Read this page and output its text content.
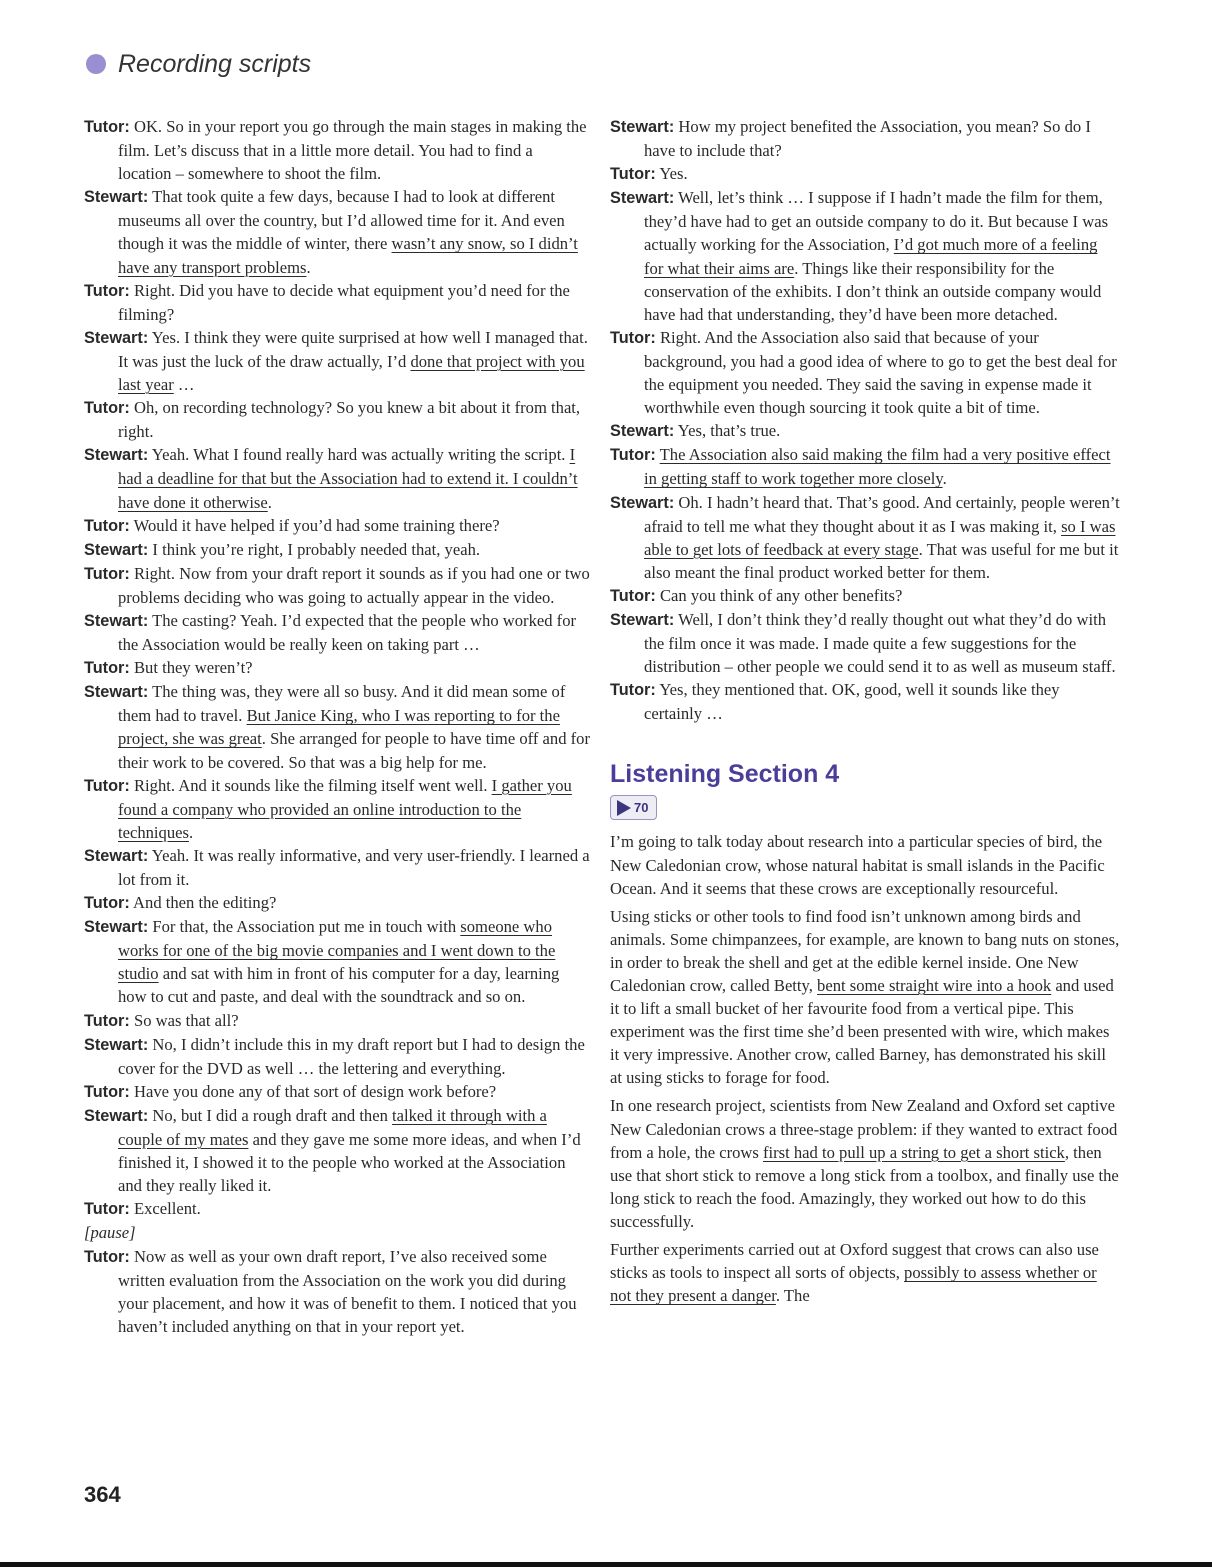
Recording scripts

Tutor: OK. So in your report you go through the main stages in making the film. Let’s discuss that in a little more detail. You had to find a location – somewhere to shoot the film.

Stewart: That took quite a few days, because I had to look at different museums all over the country, but I’d allowed time for it. And even though it was the middle of winter, there wasn’t any snow, so I didn’t have any transport problems.

Tutor: Right. Did you have to decide what equipment you’d need for the filming?

Stewart: Yes. I think they were quite surprised at how well I managed that. It was just the luck of the draw actually, I’d done that project with you last year …

Tutor: Oh, on recording technology? So you knew a bit about it from that, right.

Stewart: Yeah. What I found really hard was actually writing the script. I had a deadline for that but the Association had to extend it. I couldn’t have done it otherwise.

Tutor: Would it have helped if you’d had some training there?

Stewart: I think you’re right, I probably needed that, yeah.

Tutor: Right. Now from your draft report it sounds as if you had one or two problems deciding who was going to actually appear in the video.

Stewart: The casting? Yeah. I’d expected that the people who worked for the Association would be really keen on taking part …

Tutor: But they weren’t?

Stewart: The thing was, they were all so busy. And it did mean some of them had to travel. But Janice King, who I was reporting to for the project, she was great. She arranged for people to have time off and for their work to be covered. So that was a big help for me.

Tutor: Right. And it sounds like the filming itself went well. I gather you found a company who provided an online introduction to the techniques.

Stewart: Yeah. It was really informative, and very user-friendly. I learned a lot from it.

Tutor: And then the editing?

Stewart: For that, the Association put me in touch with someone who works for one of the big movie companies and I went down to the studio and sat with him in front of his computer for a day, learning how to cut and paste, and deal with the soundtrack and so on.

Tutor: So was that all?

Stewart: No, I didn’t include this in my draft report but I had to design the cover for the DVD as well … the lettering and everything.

Tutor: Have you done any of that sort of design work before?

Stewart: No, but I did a rough draft and then talked it through with a couple of my mates and they gave me some more ideas, and when I’d finished it, I showed it to the people who worked at the Association and they really liked it.

Tutor: Excellent.

[pause]

Tutor: Now as well as your own draft report, I’ve also received some written evaluation from the Association on the work you did during your placement, and how it was of benefit to them. I noticed that you haven’t included anything on that in your report yet.

Stewart: How my project benefited the Association, you mean? So do I have to include that?

Tutor: Yes.

Stewart: Well, let’s think … I suppose if I hadn’t made the film for them, they’d have had to get an outside company to do it. But because I was actually working for the Association, I’d got much more of a feeling for what their aims are. Things like their responsibility for the conservation of the exhibits. I don’t think an outside company would have had that understanding, they’d have been more detached.

Tutor: Right. And the Association also said that because of your background, you had a good idea of where to go to get the best deal for the equipment you needed. They said the saving in expense made it worthwhile even though sourcing it took quite a bit of time.

Stewart: Yes, that’s true.

Tutor: The Association also said making the film had a very positive effect in getting staff to work together more closely.

Stewart: Oh. I hadn’t heard that. That’s good. And certainly, people weren’t afraid to tell me what they thought about it as I was making it, so I was able to get lots of feedback at every stage. That was useful for me but it also meant the final product worked better for them.

Tutor: Can you think of any other benefits?

Stewart: Well, I don’t think they’d really thought out what they’d do with the film once it was made. I made quite a few suggestions for the distribution – other people we could send it to as well as museum staff.

Tutor: Yes, they mentioned that. OK, good, well it sounds like they certainly …

Listening Section 4
70

I’m going to talk today about research into a particular species of bird, the New Caledonian crow, whose natural habitat is small islands in the Pacific Ocean. And it seems that these crows are exceptionally resourceful.

Using sticks or other tools to find food isn’t unknown among birds and animals. Some chimpanzees, for example, are known to bang nuts on stones, in order to break the shell and get at the edible kernel inside. One New Caledonian crow, called Betty, bent some straight wire into a hook and used it to lift a small bucket of her favourite food from a vertical pipe. This experiment was the first time she’d been presented with wire, which makes it very impressive. Another crow, called Barney, has demonstrated his skill at using sticks to forage for food.

In one research project, scientists from New Zealand and Oxford set captive New Caledonian crows a three-stage problem: if they wanted to extract food from a hole, the crows first had to pull up a string to get a short stick, then use that short stick to remove a long stick from a toolbox, and finally use the long stick to reach the food. Amazingly, they worked out how to do this successfully.

Further experiments carried out at Oxford suggest that crows can also use sticks as tools to inspect all sorts of objects, possibly to assess whether or not they present a danger. The

364
